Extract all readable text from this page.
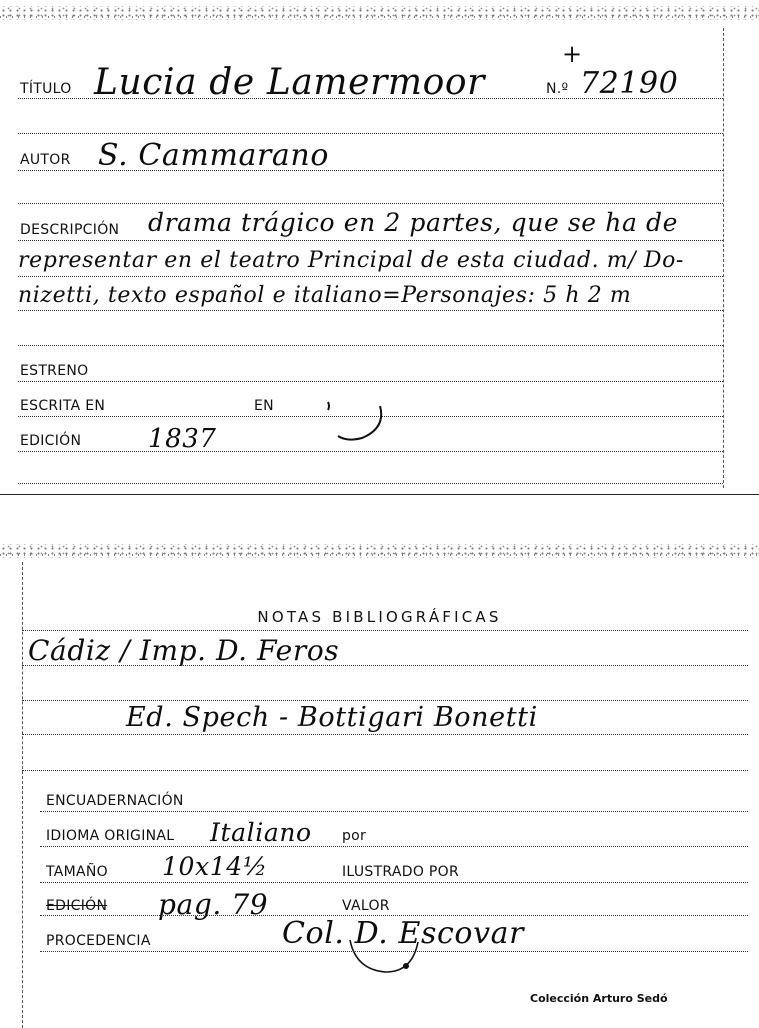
TÍTULO Lucia de Lamermoor
+
N.º 72190
AUTOR S. Cammarano
DESCRIPCIÓN drama trágico en 2 partes, que se ha de
representar en el teatro Principal de esta ciudad. m/ Do-
nizetti, texto español e italiano=Personajes: 5 h 2 m
ESTRENO
ESCRITA EN	EN
EDICIÓN	1837
NOTAS BIBLIOGRÁFICAS
Cádiz / Imp. D. Feros
Ed. Spech - Bottigari Bonetti
ENCUADERNACIÓN
IDIOMA ORIGINAL Italiano por
TAMAÑO 10x14½	ILUSTRADO POR
EDICIÓN pag. 79	VALOR
PROCEDENCIA	Col. D. Escovar
Colección Arturo Sedó
